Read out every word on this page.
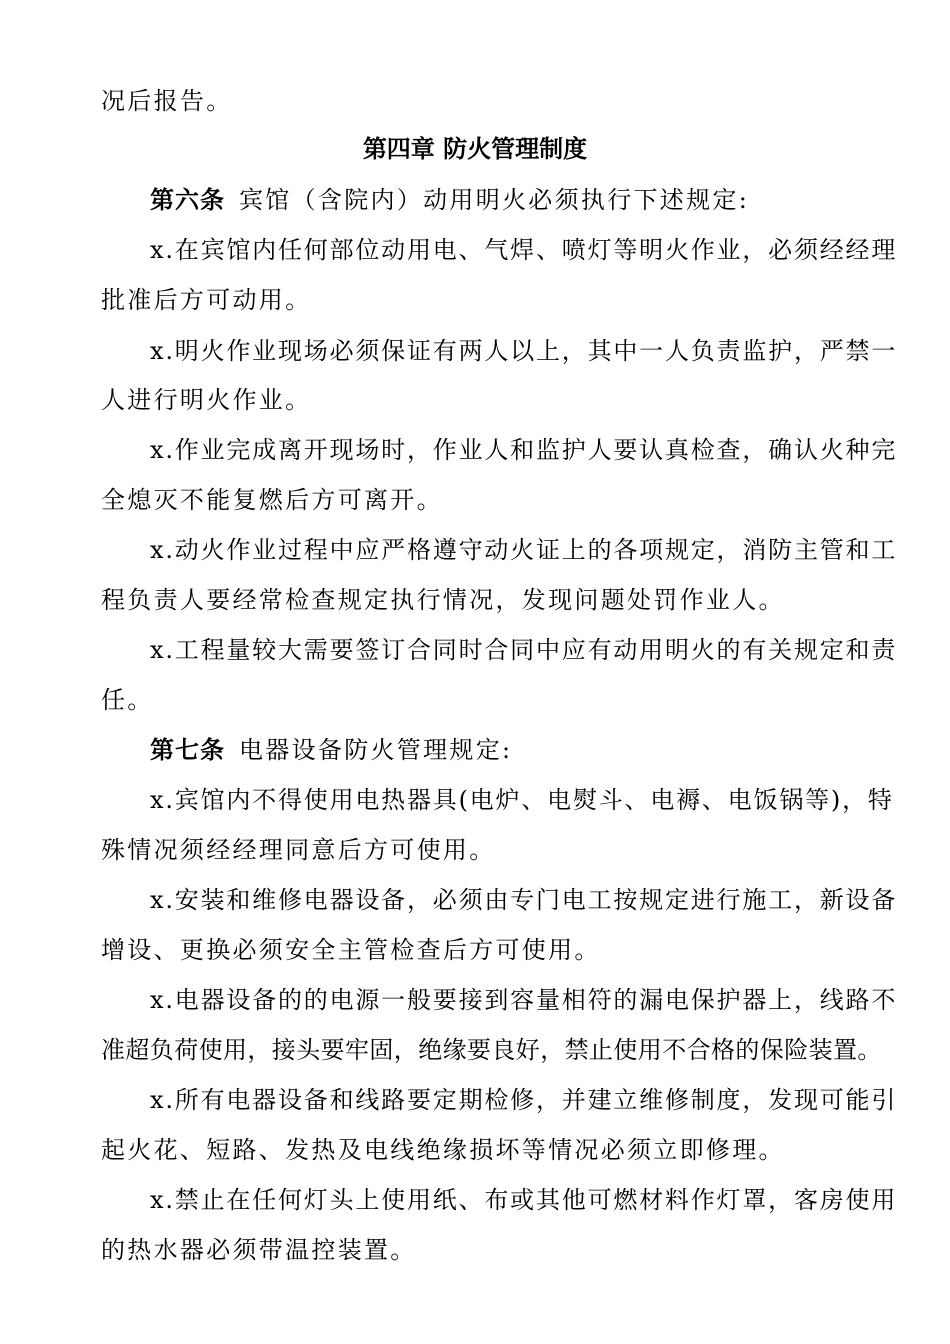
况后报告。
第四章 防火管理制度
第六条 宾馆（含院内）动用明火必须执行下述规定:
x.在宾馆内任何部位动用电、气焊、喷灯等明火作业，必须经经理
批准后方可动用。
x.明火作业现场必须保证有两人以上，其中一人负责监护，严禁一
人进行明火作业。
x.作业完成离开现场时，作业人和监护人要认真检查，确认火种完
全熄灭不能复燃后方可离开。
x.动火作业过程中应严格遵守动火证上的各项规定，消防主管和工
程负责人要经常检查规定执行情况，发现问题处罚作业人。
x.工程量较大需要签订合同时合同中应有动用明火的有关规定和责
任。
第七条 电器设备防火管理规定:
x.宾馆内不得使用电热器具(电炉、电熨斗、电褥、电饭锅等)，特
殊情况须经经理同意后方可使用。
x.安装和维修电器设备，必须由专门电工按规定进行施工，新设备
增设、更换必须安全主管检查后方可使用。
x.电器设备的的电源一般要接到容量相符的漏电保护器上，线路不
准超负荷使用，接头要牢固，绝缘要良好，禁止使用不合格的保险装置。
x.所有电器设备和线路要定期检修，并建立维修制度，发现可能引
起火花、短路、发热及电线绝缘损坏等情况必须立即修理。
x.禁止在任何灯头上使用纸、布或其他可燃材料作灯罩，客房使用
的热水器必须带温控装置。
